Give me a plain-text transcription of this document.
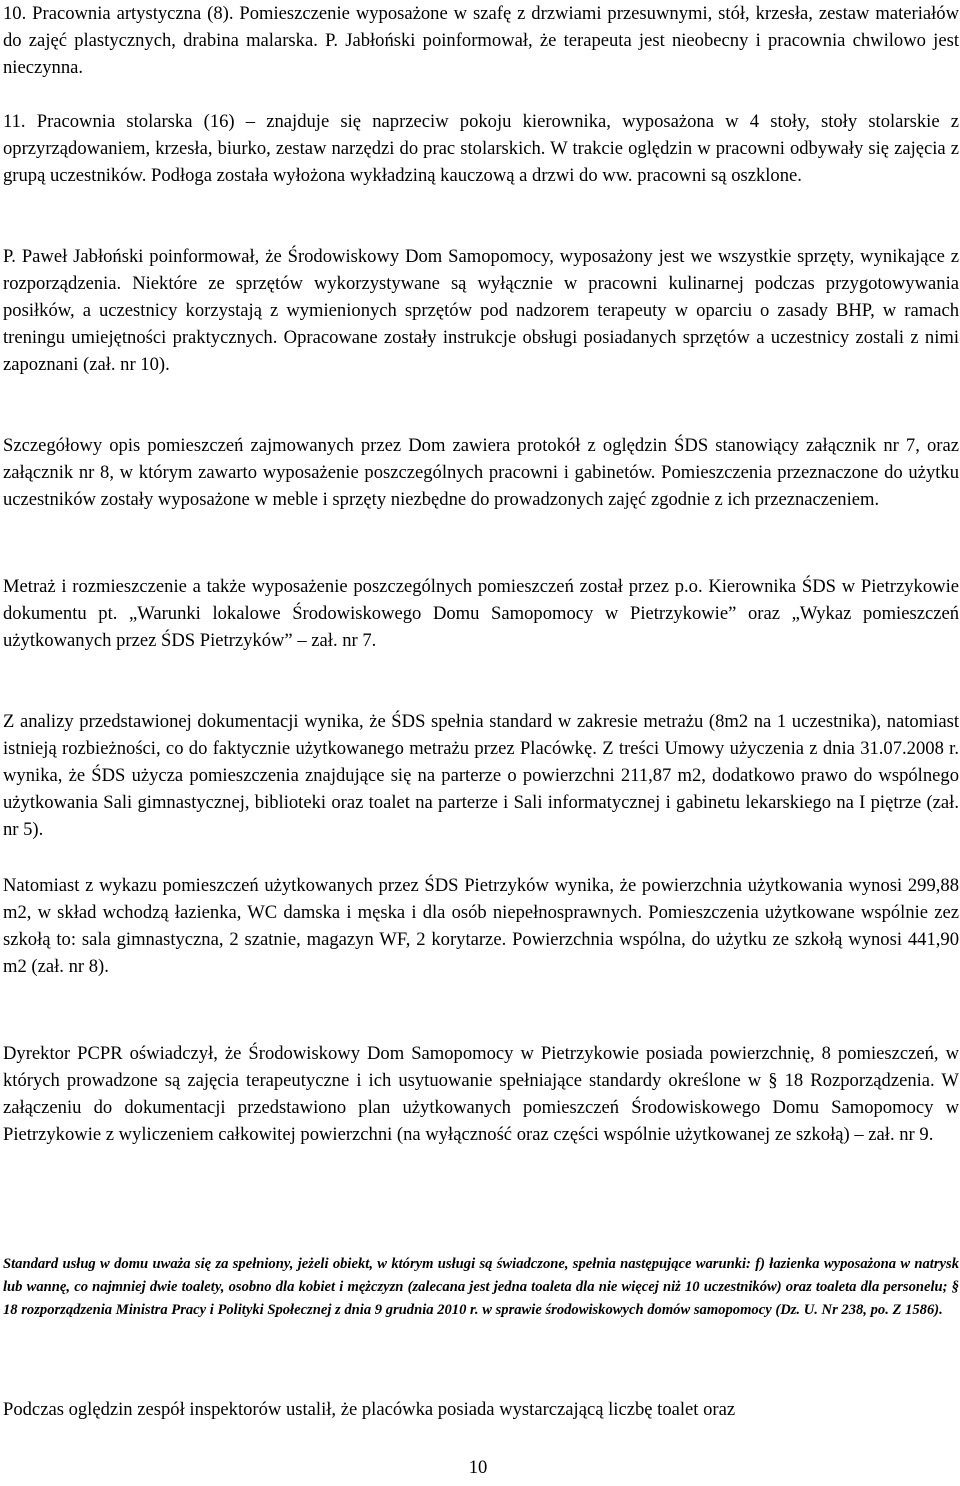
10. Pracownia artystyczna (8). Pomieszczenie wyposażone w szafę z drzwiami przesuwnymi, stół, krzesła, zestaw materiałów do zajęć plastycznych, drabina malarska. P. Jabłoński poinformował, że terapeuta jest nieobecny i pracownia chwilowo jest nieczynna.

11. Pracownia stolarska (16) – znajduje się naprzeciw pokoju kierownika, wyposażona w 4 stoły, stoły stolarskie z oprzyrządowaniem, krzesła, biurko, zestaw narzędzi do prac stolarskich. W trakcie oględzin w pracowni odbywały się zajęcia z grupą uczestników. Podłoga została wyłożona wykładziną kauczową a drzwi do ww. pracowni są oszklone.

P. Paweł Jabłoński poinformował, że Środowiskowy Dom Samopomocy, wyposażony jest we wszystkie sprzęty, wynikające z rozporządzenia. Niektóre ze sprzętów wykorzystywane są wyłącznie w pracowni kulinarnej podczas przygotowywania posiłków, a uczestnicy korzystają z wymienionych sprzętów pod nadzorem terapeuty w oparciu o zasady BHP, w ramach treningu umiejętności praktycznych. Opracowane zostały instrukcje obsługi posiadanych sprzętów a uczestnicy zostali z nimi zapoznani (zał. nr 10).

Szczegółowy opis pomieszczeń zajmowanych przez Dom zawiera protokół z oględzin ŚDS stanowiący załącznik nr 7, oraz załącznik nr 8, w którym zawarto wyposażenie poszczególnych pracowni i gabinetów. Pomieszczenia przeznaczone do użytku uczestników zostały wyposażone w meble i sprzęty niezbędne do prowadzonych zajęć zgodnie z ich przeznaczeniem.

Metraż i rozmieszczenie a także wyposażenie poszczególnych pomieszczeń został przez p.o. Kierownika ŚDS w Pietrzykowie dokumentu pt. „Warunki lokalowe Środowiskowego Domu Samopomocy w Pietrzykowie” oraz „Wykaz pomieszczeń użytkowanych przez ŚDS Pietrzyków” – zał. nr 7.

Z analizy przedstawionej dokumentacji wynika, że ŚDS spełnia standard w zakresie metrażu (8m2 na 1 uczestnika), natomiast istnieją rozbieżności, co do faktycznie użytkowanego metrażu przez Placówkę. Z treści Umowy użyczenia z dnia 31.07.2008 r. wynika, że ŚDS użycza pomieszczenia znajdujące się na parterze o powierzchni 211,87 m2, dodatkowo prawo do wspólnego użytkowania Sali gimnastycznej, biblioteki oraz toalet na parterze i Sali informatycznej i gabinetu lekarskiego na I piętrze (zał. nr 5).

Natomiast z wykazu pomieszczeń użytkowanych przez ŚDS Pietrzyków wynika, że powierzchnia użytkowania wynosi 299,88 m2, w skład wchodzą łazienka, WC damska i męska i dla osób niepełnosprawnych. Pomieszczenia użytkowane wspólnie zez szkołą to: sala gimnastyczna, 2 szatnie, magazyn WF, 2 korytarze. Powierzchnia wspólna, do użytku ze szkołą wynosi 441,90 m2 (zał. nr 8).

Dyrektor PCPR oświadczył, że Środowiskowy Dom Samopomocy w Pietrzykowie posiada powierzchnię, 8 pomieszczeń, w których prowadzone są zajęcia terapeutyczne i ich usytuowanie spełniające standardy określone w § 18 Rozporządzenia. W załączeniu do dokumentacji przedstawiono plan użytkowanych pomieszczeń Środowiskowego Domu Samopomocy w Pietrzykowie z wyliczeniem całkowitej powierzchni (na wyłączność oraz części wspólnie użytkowanej ze szkołą) – zał. nr 9.

Standard usług w domu uważa się za spełniony, jeżeli obiekt, w którym usługi są świadczone, spełnia następujące warunki: f) łazienka wyposażona w natrysk lub wannę, co najmniej dwie toalety, osobno dla kobiet i mężczyzn (zalecana jest jedna toaleta dla nie więcej niż 10 uczestników) oraz toaleta dla personelu; § 18 rozporządzenia Ministra Pracy i Polityki Społecznej z dnia 9 grudnia 2010 r. w sprawie środowiskowych domów samopomocy (Dz. U. Nr 238, po. Z 1586).

Podczas oględzin zespół inspektorów ustalił, że placówka posiada wystarczającą liczbę toalet oraz

10
